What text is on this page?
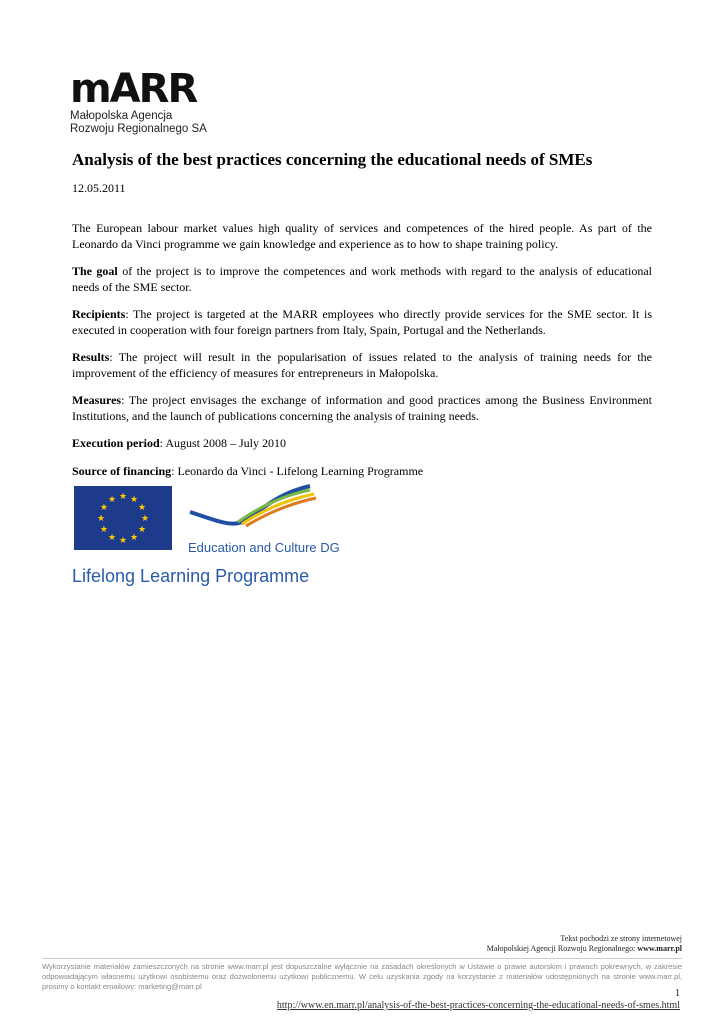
mARR
Małopolska Agencja
Rozwoju Regionalnego SA
Analysis of the best practices concerning the educational needs of SMEs
12.05.2011

The European labour market values high quality of services and competences of the hired people. As part of the Leonardo da Vinci programme we gain knowledge and experience as to how to shape training policy.

The goal of the project is to improve the competences and work methods with regard to the analysis of educational needs of the SME sector.

Recipients: The project is targeted at the MARR employees who directly provide services for the SME sector. It is executed in cooperation with four foreign partners from Italy, Spain, Portugal and the Netherlands.

Results: The project will result in the popularisation of issues related to the analysis of training needs for the improvement of the efficiency of measures for entrepreneurs in Małopolska.

Measures: The project envisages the exchange of information and good practices among the Business Environment Institutions, and the launch of publications concerning the analysis of training needs.

Execution period: August 2008 – July 2010

Source of financing: Leonardo da Vinci - Lifelong Learning Programme

★ ★
★
★
★
★
★
★
★
★
★
★
Education and Culture DG
Lifelong Learning Programme
Tekst pochodzi ze strony internetowej
Małopolskiej Agencji Rozwoju Regionalnego: www.marr.pl
Wykorzystanie materiałów zamieszczonych na stronie www.marr.pl jest dopuszczalne wyłącznie na zasadach określonych w Ustawie o prawie autorskim i prawach pokrewnych, w zakresie odpowiadającym własnemu użytkowi osobistemu oraz dozwolonemu użytkowi publicznemu. W celu uzyskania zgody na korzystanie z materiałów udostępnionych na stronie www.marr.pl, prosimy o kontakt emailowy: marketing@marr.pl
1
http://www.en.marr.pl/analysis-of-the-best-practices-concerning-the-educational-needs-of-smes.html
